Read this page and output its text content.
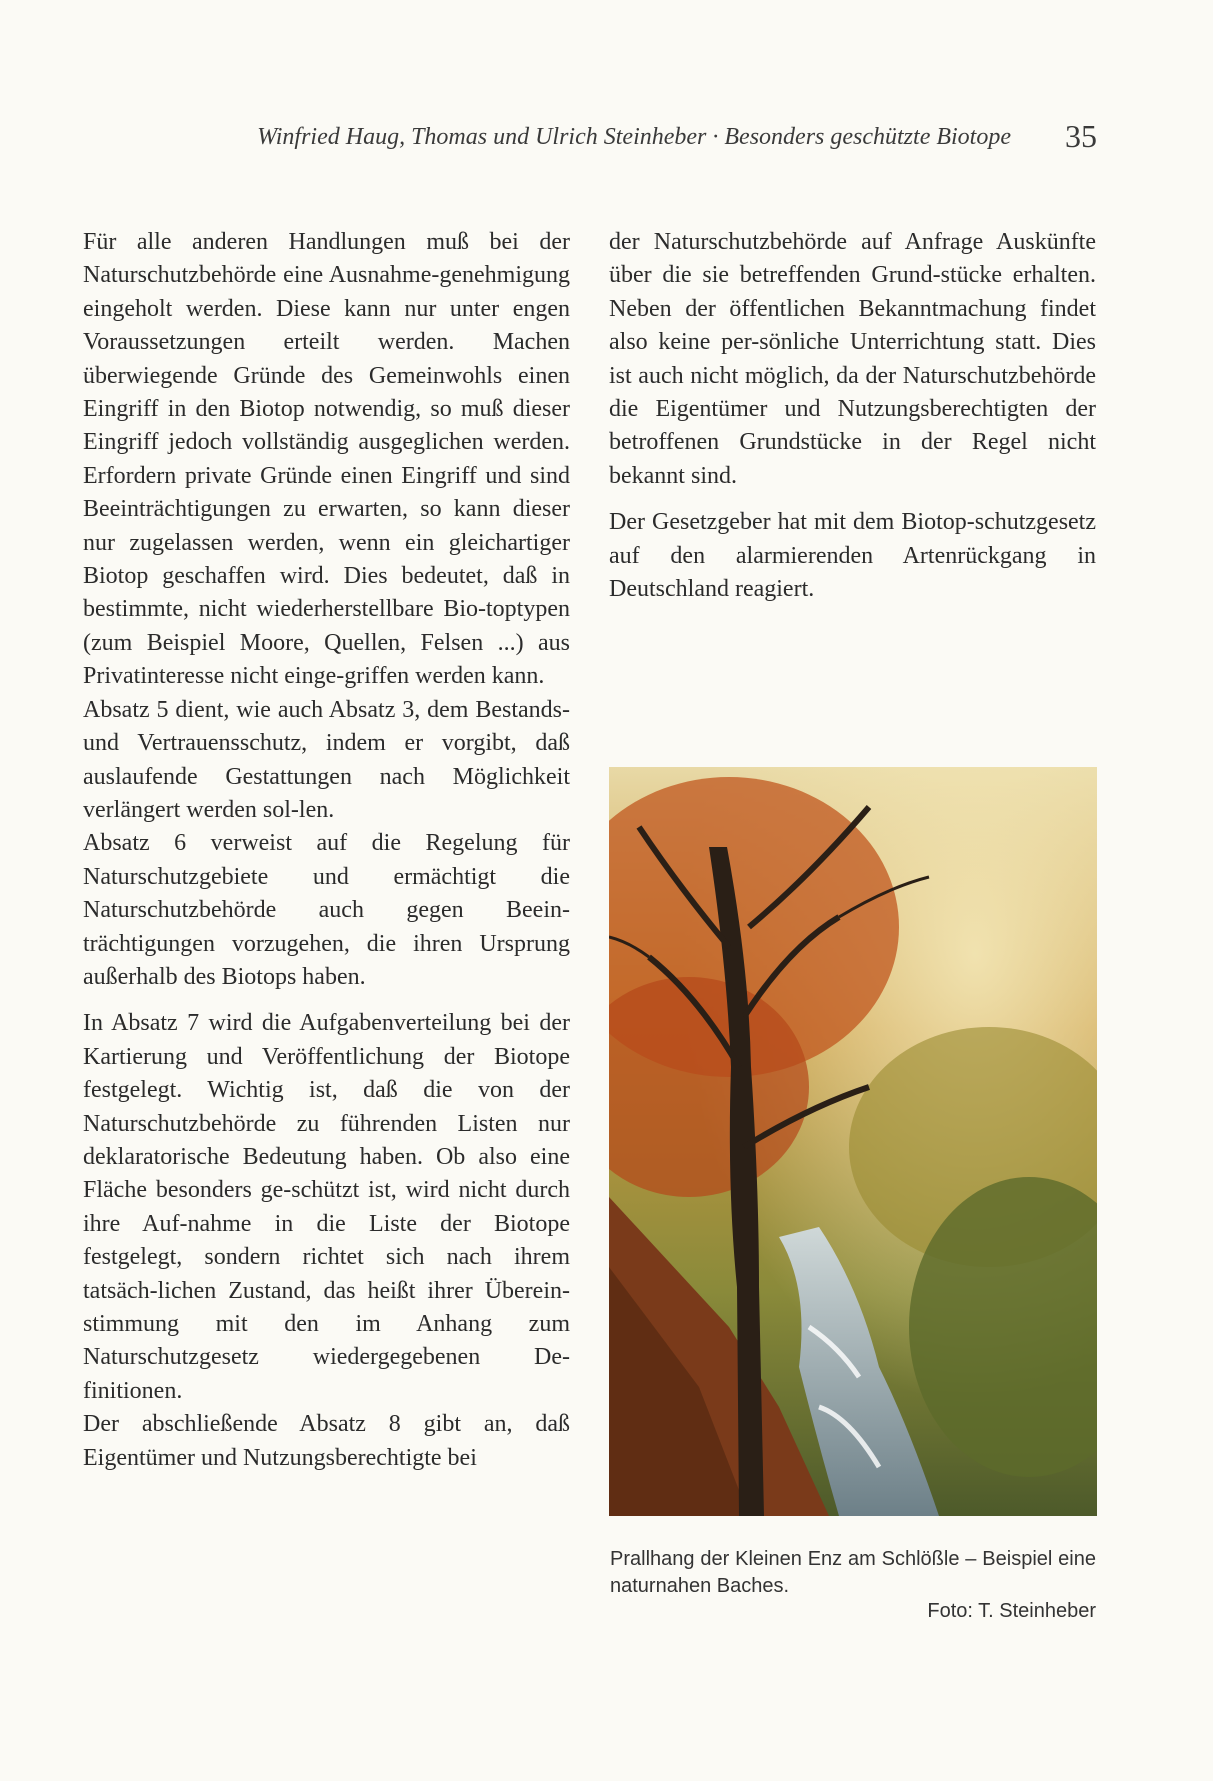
Winfried Haug, Thomas und Ulrich Steinheber · Besonders geschützte Biotope 35

Für alle anderen Handlungen muß bei der Naturschutzbehörde eine Ausnahme-genehmigung eingeholt werden. Diese kann nur unter engen Voraussetzungen erteilt werden. Machen überwiegende Gründe des Gemeinwohls einen Eingriff in den Biotop notwendig, so muß dieser Eingriff jedoch vollständig ausgeglichen werden. Erfordern private Gründe einen Eingriff und sind Beeinträchtigungen zu erwarten, so kann dieser nur zugelassen werden, wenn ein gleichartiger Biotop geschaffen wird. Dies bedeutet, daß in bestimmte, nicht wiederherstellbare Bio-toptypen (zum Beispiel Moore, Quellen, Felsen ...) aus Privatinteresse nicht einge-griffen werden kann.

Absatz 5 dient, wie auch Absatz 3, dem Bestands- und Vertrauensschutz, indem er vorgibt, daß auslaufende Gestattungen nach Möglichkeit verlängert werden sol-len.

Absatz 6 verweist auf die Regelung für Naturschutzgebiete und ermächtigt die Naturschutzbehörde auch gegen Beein-trächtigungen vorzugehen, die ihren Ursprung außerhalb des Biotops haben.

In Absatz 7 wird die Aufgabenverteilung bei der Kartierung und Veröffentlichung der Biotope festgelegt. Wichtig ist, daß die von der Naturschutzbehörde zu führenden Listen nur deklaratorische Bedeutung haben. Ob also eine Fläche besonders ge-schützt ist, wird nicht durch ihre Auf-nahme in die Liste der Biotope festgelegt, sondern richtet sich nach ihrem tatsäch-lichen Zustand, das heißt ihrer Überein-stimmung mit den im Anhang zum Naturschutzgesetz wiedergegebenen De-finitionen.

Der abschließende Absatz 8 gibt an, daß Eigentümer und Nutzungsberechtigte bei

der Naturschutzbehörde auf Anfrage Auskünfte über die sie betreffenden Grund-stücke erhalten. Neben der öffentlichen Bekanntmachung findet also keine per-sönliche Unterrichtung statt. Dies ist auch nicht möglich, da der Naturschutzbehörde die Eigentümer und Nutzungsberechtigten der betroffenen Grundstücke in der Regel nicht bekannt sind.

Der Gesetzgeber hat mit dem Biotop-schutzgesetz auf den alarmierenden Artenrückgang in Deutschland reagiert.

Prallhang der Kleinen Enz am Schlößle – Beispiel eine naturnahen Baches.
Foto: T. Steinheber
